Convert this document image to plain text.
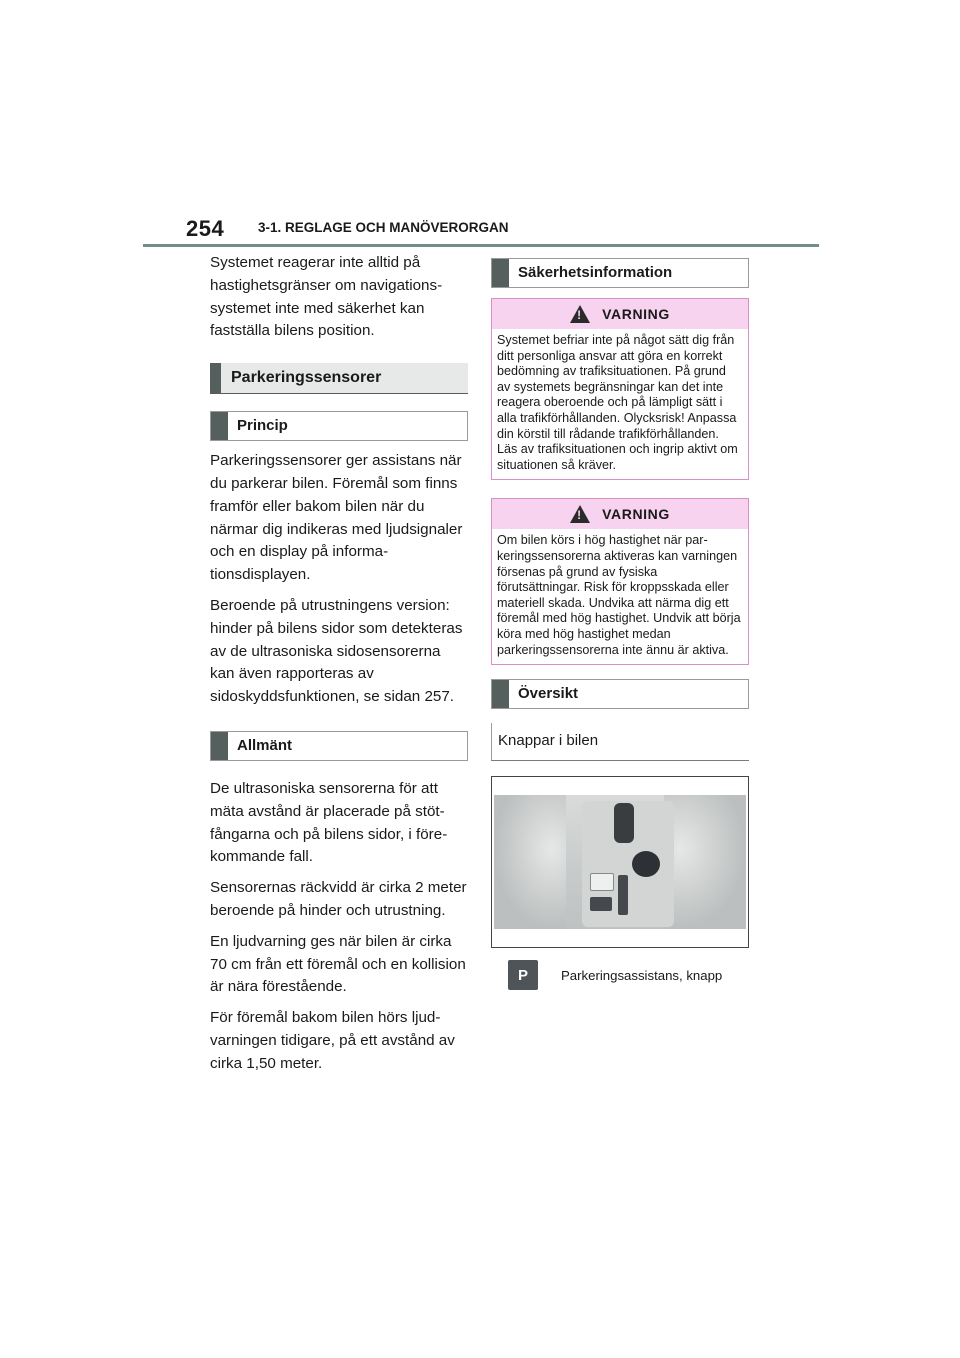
254	3-1. REGLAGE OCH MANÖVERORGAN

Systemet reagerar inte alltid på hastighetsgränser om navigationssystemet inte med säkerhet kan fastställa bilens position.

Parkeringssensorer
Princip

Parkeringssensorer ger assistans när du parkerar bilen. Föremål som finns framför eller bakom bilen när du närmar dig indikeras med ljudsignaler och en display på informationsdisplayen.

Beroende på utrustningens version: hinder på bilens sidor som detekteras av de ultrasoniska sidosensorerna kan även rapporteras av sidoskyddsfunktionen, se sidan 257.

Allmänt

De ultrasoniska sensorerna för att mäta avstånd är placerade på stötfångarna och på bilens sidor, i förekommande fall.

Sensorernas räckvidd är cirka 2 meter beroende på hinder och utrustning.

En ljudvarning ges när bilen är cirka 70 cm från ett föremål och en kollision är nära förestående.

För föremål bakom bilen hörs ljudvarningen tidigare, på ett avstånd av cirka 1,50 meter.

Säkerhetsinformation
!
VARNING
Systemet befriar inte på något sätt dig från ditt personliga ansvar att göra en korrekt bedömning av trafiksituationen. På grund av systemets begränsningar kan det inte reagera oberoende och på lämpligt sätt i alla trafikförhållanden. Olycksrisk! Anpassa din körstil till rådande trafikförhållanden. Läs av trafiksituationen och ingrip aktivt om situationen så kräver.
!
VARNING
Om bilen körs i hög hastighet när parkeringssensorerna aktiveras kan varningen försenas på grund av fysiska förutsättningar. Risk för kroppsskada eller materiell skada. Undvika att närma dig ett föremål med hög hastighet. Undvik att börja köra med hög hastighet medan parkeringssensorerna inte ännu är aktiva.
Översikt
Knappar i bilen
P	Parkeringsassistans, knapp
